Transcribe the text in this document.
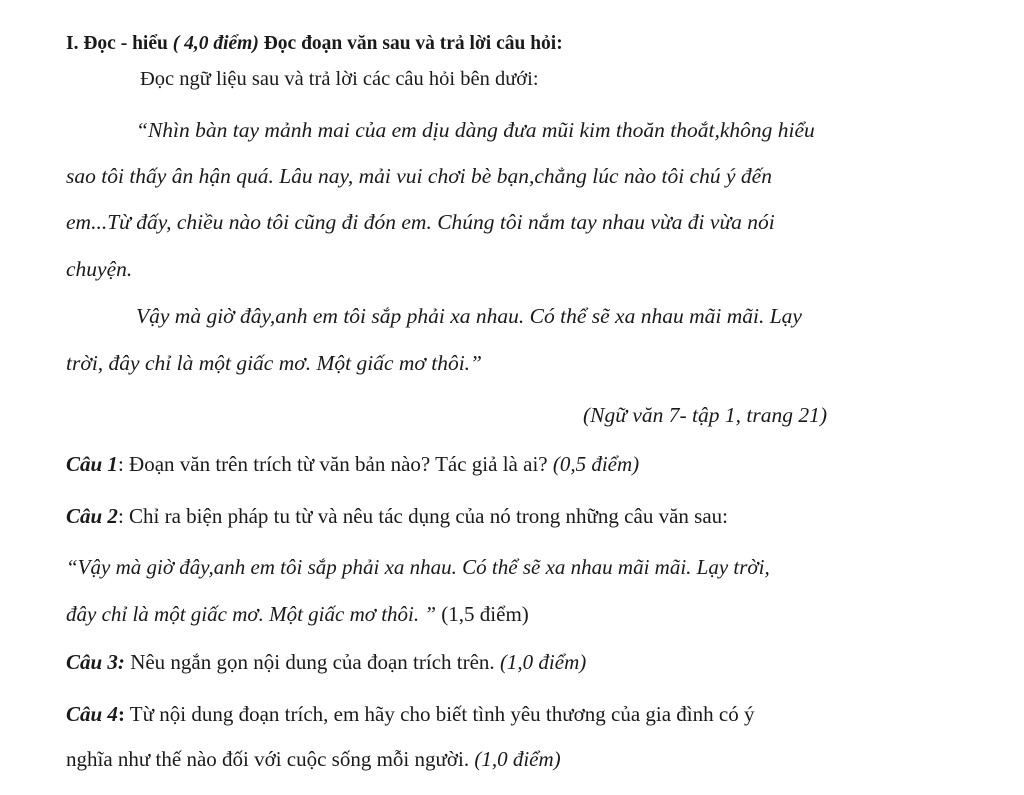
I. Đọc - hiểu ( 4,0 điểm) Đọc đoạn văn sau và trả lời câu hỏi:
Đọc ngữ liệu sau và trả lời các câu hỏi bên dưới:
“Nhìn bàn tay mảnh mai của em dịu dàng đưa mũi kim thoăn thoắt,không hiểu
sao tôi thấy ân hận quá. Lâu nay, mải vui chơi bè bạn,chẳng lúc nào tôi chú ý đến
em...Từ đấy, chiều nào tôi cũng đi đón em. Chúng tôi nắm tay nhau vừa đi vừa nói
chuyện.
Vậy mà giờ đây,anh em tôi sắp phải xa nhau. Có thể sẽ xa nhau mãi mãi. Lạy
trời, đây chỉ là một giấc mơ. Một giấc mơ thôi.”
(Ngữ văn 7- tập 1, trang 21)
Câu 1: Đoạn văn trên trích từ văn bản nào? Tác giả là ai? (0,5 điểm)
Câu 2: Chỉ ra biện pháp tu từ và nêu tác dụng của nó trong những câu văn sau:
“Vậy mà giờ đây,anh em tôi sắp phải xa nhau. Có thể sẽ xa nhau mãi mãi. Lạy trời,
đây chỉ là một giấc mơ. Một giấc mơ thôi. ” (1,5 điểm)
Câu 3: Nêu ngắn gọn nội dung của đoạn trích trên. (1,0 điểm)
Câu 4: Từ nội dung đoạn trích, em hãy cho biết tình yêu thương của gia đình có ý
nghĩa như thế nào đối với cuộc sống mỗi người. (1,0 điểm)
